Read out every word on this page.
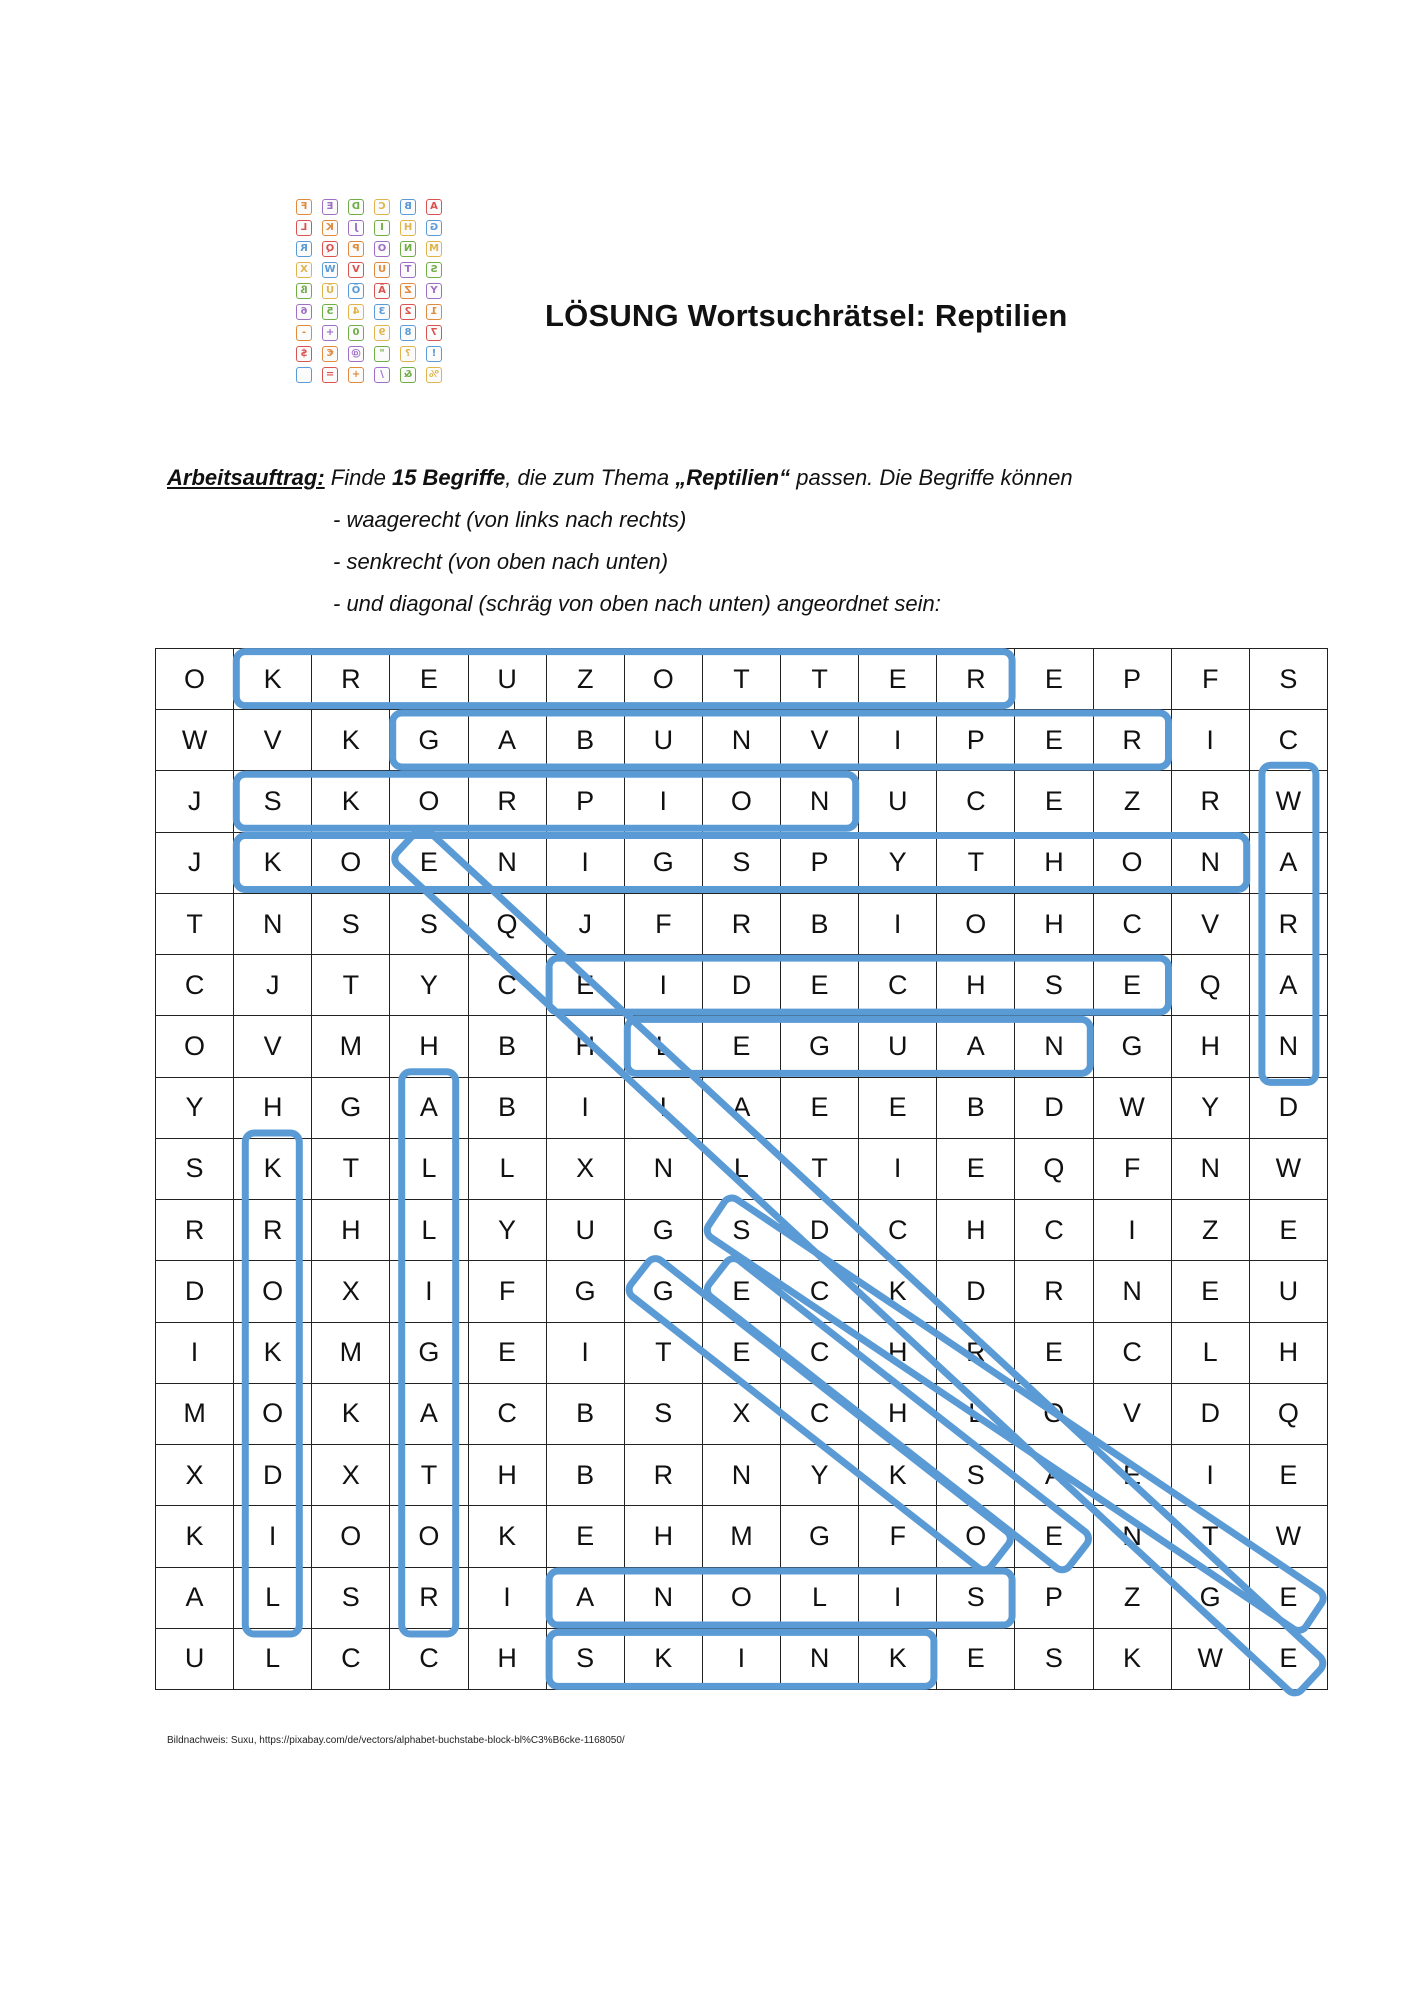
A
B
C
D
E
F
G
H
I
J
K
L
M
N
O
P
Q
R
S
T
U
V
W
X
Y
Z
Ä
Ö
Ü
ß
1
2
3
4
5
6
7
8
9
0
+
-
!
?
"
@
€
$
%
&
/
+
=
LÖSUNG Wortsuchrätsel: Reptilien
Arbeitsauftrag: Finde 15 Begriffe, die zum Thema „Reptilien“ passen. Die Begriffe können
- waagerecht (von links nach rechts)
- senkrecht (von oben nach unten)
- und diagonal (schräg von oben nach unten) angeordnet sein:
O	K	R	E	U	Z	O	T	T	E	R	E	P	F	S
W	V	K	G	A	B	U	N	V	I	P	E	R	I	C
J	S	K	O	R	P	I	O	N	U	C	E	Z	R	W
J	K	O	E	N	I	G	S	P	Y	T	H	O	N	A
T	N	S	S	Q	J	F	R	B	I	O	H	C	V	R
C	J	T	Y	C	E	I	D	E	C	H	S	E	Q	A
O	V	M	H	B	H	L	E	G	U	A	N	G	H	N
Y	H	G	A	B	I	I	A	E	E	B	D	W	Y	D
S	K	T	L	L	X	N	L	T	I	E	Q	F	N	W
R	R	H	L	Y	U	G	S	D	C	H	C	I	Z	E
D	O	X	I	F	G	G	E	C	K	D	R	N	E	U
I	K	M	G	E	I	T	E	C	H	R	E	C	L	H
M	O	K	A	C	B	S	X	C	H	L	O	V	D	Q
X	D	X	T	H	B	R	N	Y	K	S	A	E	I	E
K	I	O	O	K	E	H	M	G	F	O	E	N	T	W
A	L	S	R	I	A	N	O	L	I	S	P	Z	G	E
U	L	C	C	H	S	K	I	N	K	E	S	K	W	E
Bildnachweis: Suxu, https://pixabay.com/de/vectors/alphabet-buchstabe-block-bl%C3%B6cke-1168050/
